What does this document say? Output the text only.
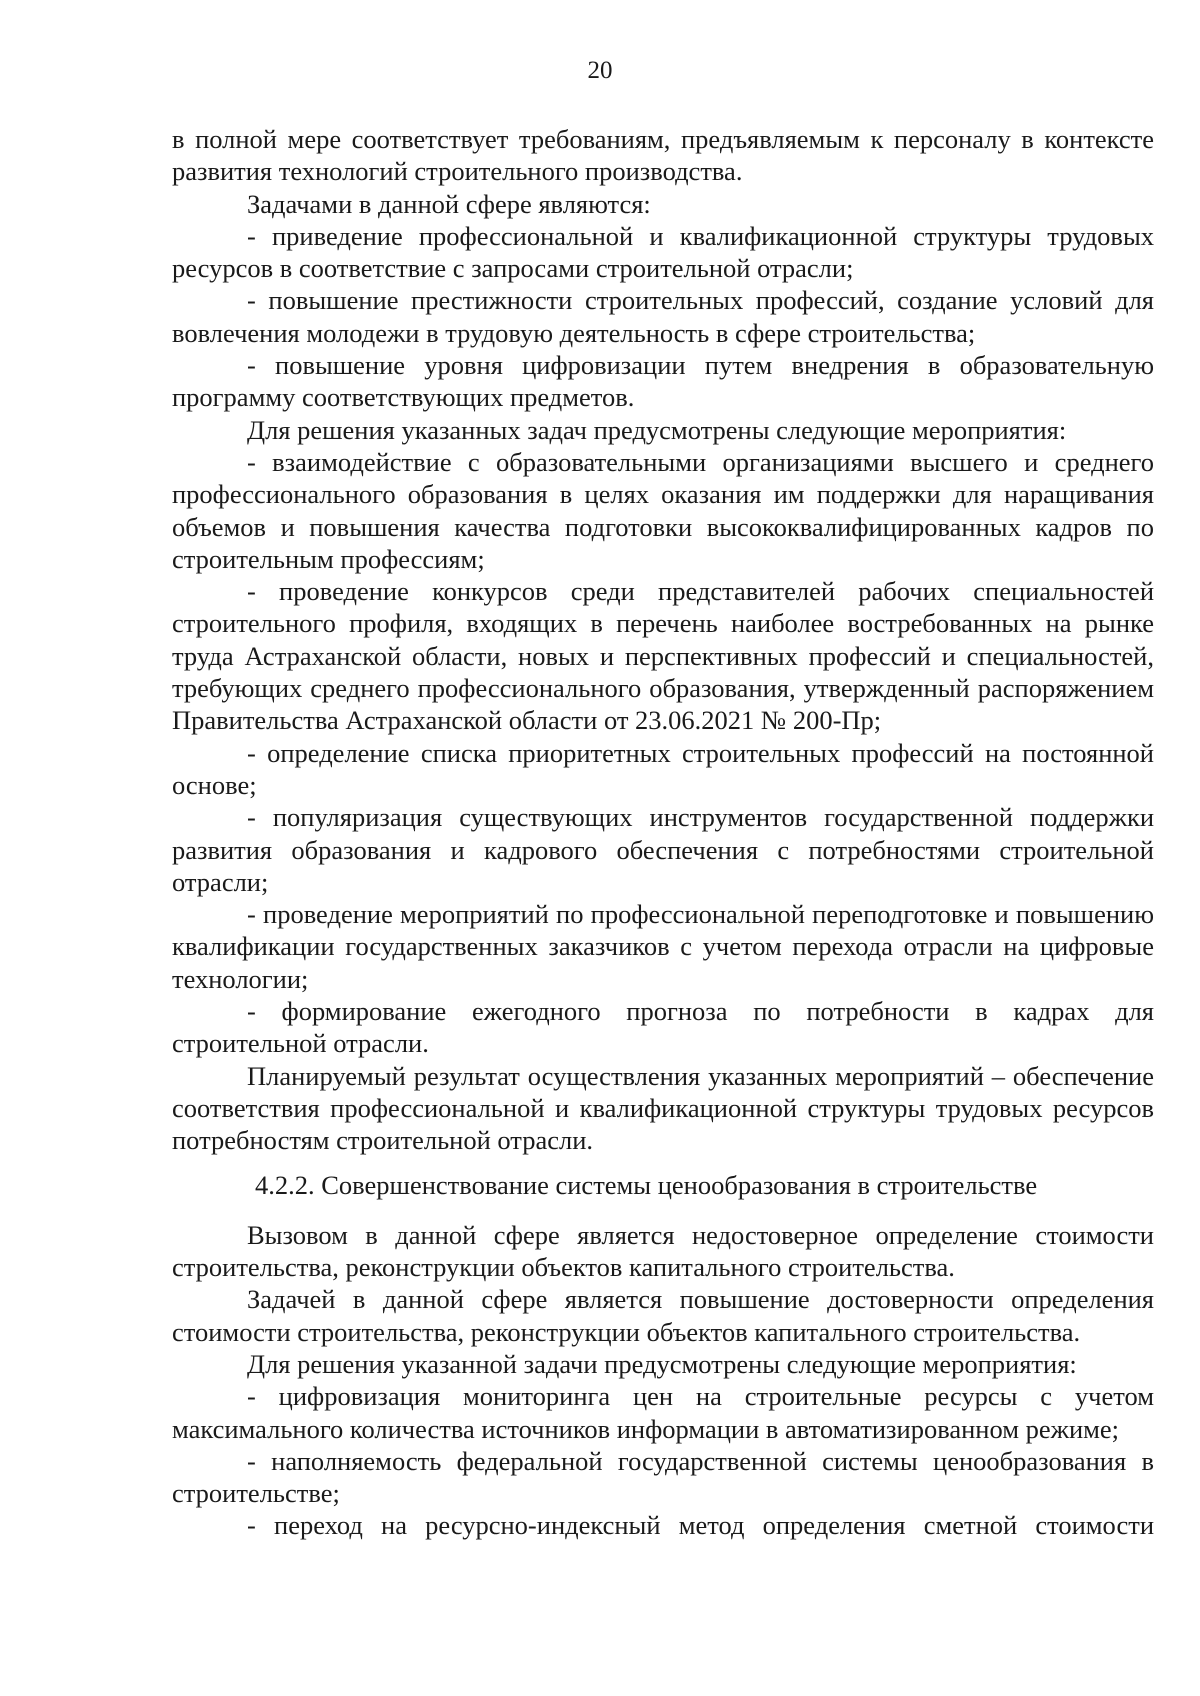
20

в полной мере соответствует требованиям, предъявляемым к персоналу в контексте развития технологий строительного производства.

Задачами в данной сфере являются:

- приведение профессиональной и квалификационной структуры трудовых ресурсов в соответствие с запросами строительной отрасли;

- повышение престижности строительных профессий, создание условий для вовлечения молодежи в трудовую деятельность в сфере строительства;

- повышение уровня цифровизации путем внедрения в образовательную программу соответствующих предметов.

Для решения указанных задач предусмотрены следующие мероприятия:

- взаимодействие с образовательными организациями высшего и среднего профессионального образования в целях оказания им поддержки для наращивания объемов и повышения качества подготовки высококвалифицированных кадров по строительным профессиям;

- проведение конкурсов среди представителей рабочих специальностей строительного профиля, входящих в перечень наиболее востребованных на рынке труда Астраханской области, новых и перспективных профессий и специальностей, требующих среднего профессионального образования, утвержденный распоряжением Правительства Астраханской области от 23.06.2021 № 200-Пр;

- определение списка приоритетных строительных профессий на постоянной основе;

- популяризация существующих инструментов государственной поддержки развития образования и кадрового обеспечения с потребностями строительной отрасли;

- проведение мероприятий по профессиональной переподготовке и повышению квалификации государственных заказчиков с учетом перехода отрасли на цифровые технологии;

- формирование ежегодного прогноза по потребности в кадрах для строительной отрасли.

Планируемый результат осуществления указанных мероприятий – обеспечение соответствия профессиональной и квалификационной структуры трудовых ресурсов потребностям строительной отрасли.

4.2.2. Совершенствование системы ценообразования в строительстве

Вызовом в данной сфере является недостоверное определение стоимости строительства, реконструкции объектов капитального строительства.

Задачей в данной сфере является повышение достоверности определения стоимости строительства, реконструкции объектов капитального строительства.

Для решения указанной задачи предусмотрены следующие мероприятия:

- цифровизация мониторинга цен на строительные ресурсы с учетом максимального количества источников информации в автоматизированном режиме;

- наполняемость федеральной государственной системы ценообразования в строительстве;

- переход на ресурсно-индексный метод определения сметной стоимости
